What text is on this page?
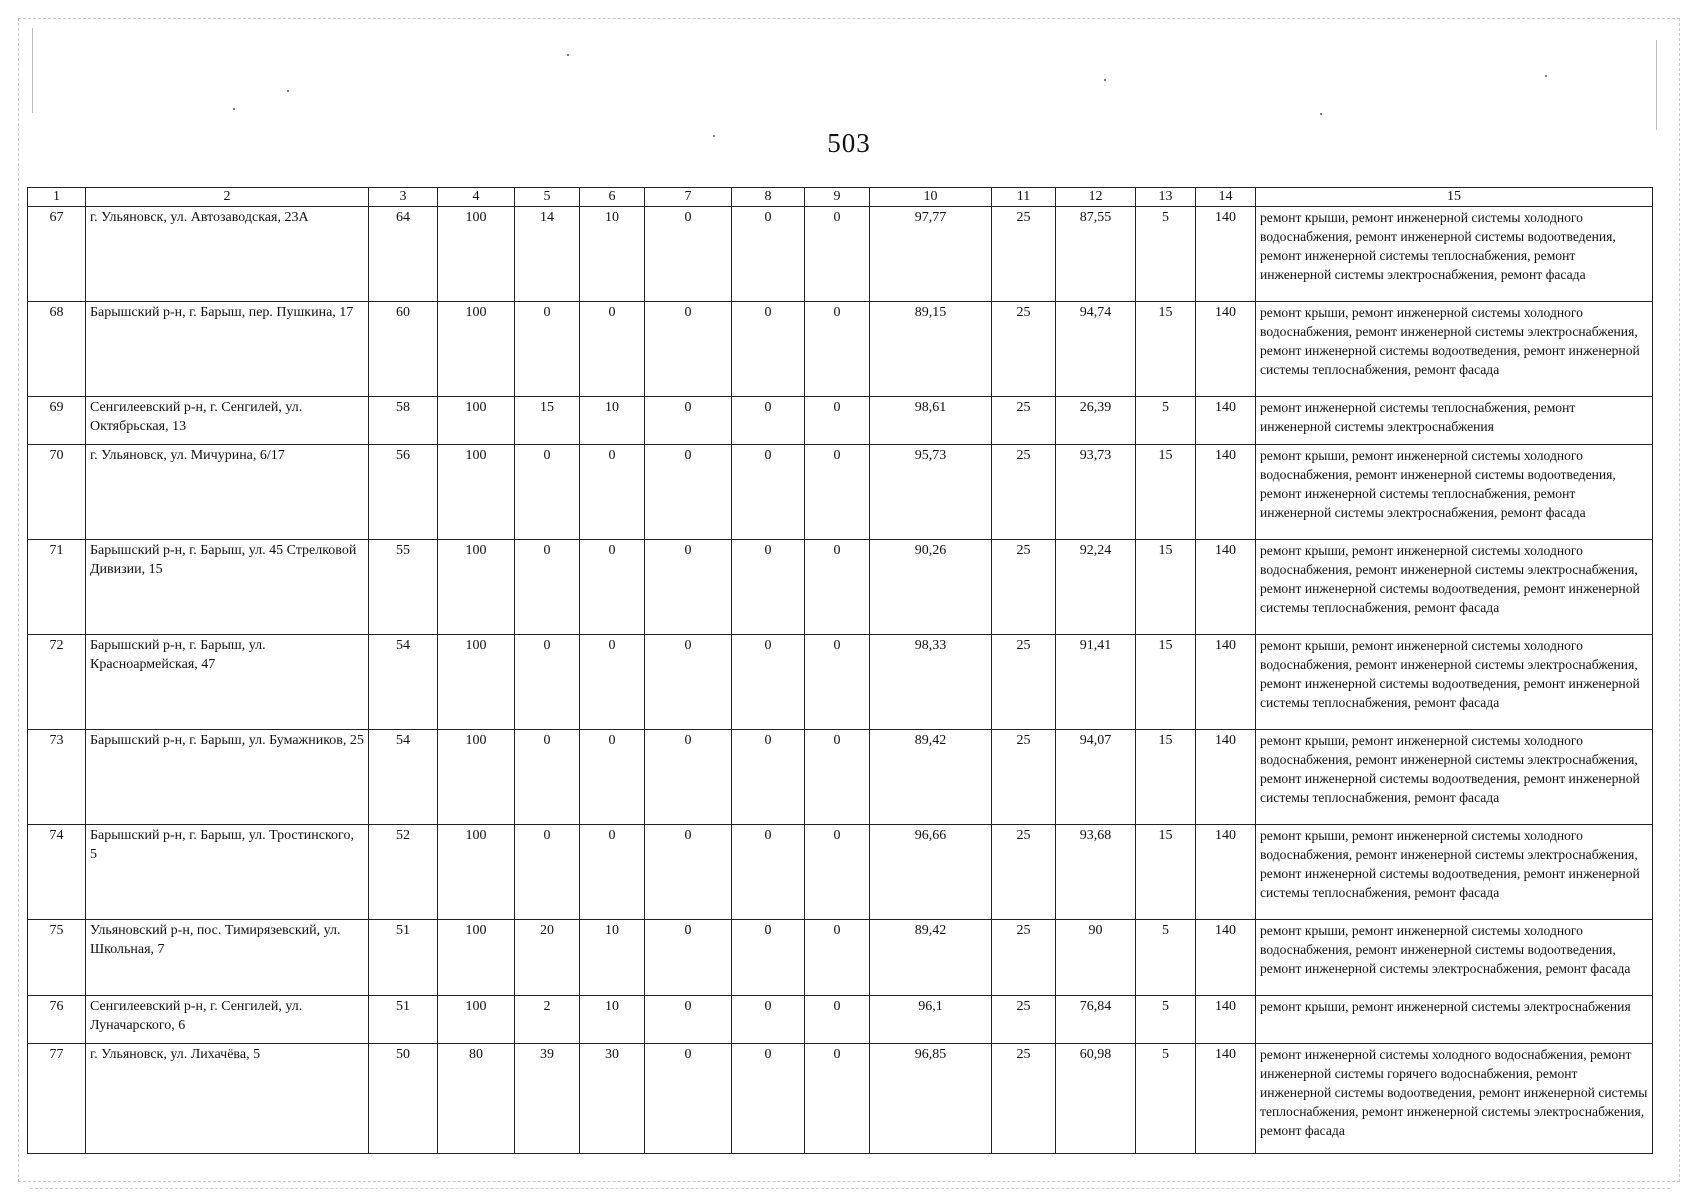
503
1	2	3	4	5	6	7	8	9	10	11	12	13	14	15
67	г. Ульяновск, ул. Автозаводская, 23А	64	100	14	10	0	0	0	97,77	25	87,55	5	140	ремонт крыши, ремонт инженерной системы холодного водоснабжения, ремонт инженерной системы водоотведения, ремонт инженерной системы теплоснабжения, ремонт инженерной системы электроснабжения, ремонт фасада
68	Барышский р-н, г. Барыш, пер. Пушкина, 17	60	100	0	0	0	0	0	89,15	25	94,74	15	140	ремонт крыши, ремонт инженерной системы холодного водоснабжения, ремонт инженерной системы электроснабжения, ремонт инженерной системы водоотведения, ремонт инженерной системы теплоснабжения, ремонт фасада
69	Сенгилеевский р-н, г. Сенгилей, ул. Октябрьская, 13	58	100	15	10	0	0	0	98,61	25	26,39	5	140	ремонт инженерной системы теплоснабжения, ремонт инженерной системы электроснабжения
70	г. Ульяновск, ул. Мичурина, 6/17	56	100	0	0	0	0	0	95,73	25	93,73	15	140	ремонт крыши, ремонт инженерной системы холодного водоснабжения, ремонт инженерной системы водоотведения, ремонт инженерной системы теплоснабжения, ремонт инженерной системы электроснабжения, ремонт фасада
71	Барышский р-н, г. Барыш, ул. 45 Стрелковой Дивизии, 15	55	100	0	0	0	0	0	90,26	25	92,24	15	140	ремонт крыши, ремонт инженерной системы холодного водоснабжения, ремонт инженерной системы электроснабжения, ремонт инженерной системы водоотведения, ремонт инженерной системы теплоснабжения, ремонт фасада
72	Барышский р-н, г. Барыш, ул. Красноармейская, 47	54	100	0	0	0	0	0	98,33	25	91,41	15	140	ремонт крыши, ремонт инженерной системы холодного водоснабжения, ремонт инженерной системы электроснабжения, ремонт инженерной системы водоотведения, ремонт инженерной системы теплоснабжения, ремонт фасада
73	Барышский р-н, г. Барыш, ул. Бумажников, 25	54	100	0	0	0	0	0	89,42	25	94,07	15	140	ремонт крыши, ремонт инженерной системы холодного водоснабжения, ремонт инженерной системы электроснабжения, ремонт инженерной системы водоотведения, ремонт инженерной системы теплоснабжения, ремонт фасада
74	Барышский р-н, г. Барыш, ул. Тростинского, 5	52	100	0	0	0	0	0	96,66	25	93,68	15	140	ремонт крыши, ремонт инженерной системы холодного водоснабжения, ремонт инженерной системы электроснабжения, ремонт инженерной системы водоотведения, ремонт инженерной системы теплоснабжения, ремонт фасада
75	Ульяновский р-н, пос. Тимирязевский, ул. Школьная, 7	51	100	20	10	0	0	0	89,42	25	90	5	140	ремонт крыши, ремонт инженерной системы холодного водоснабжения, ремонт инженерной системы водоотведения, ремонт инженерной системы электроснабжения, ремонт фасада
76	Сенгилеевский р-н, г. Сенгилей, ул. Луначарского, 6	51	100	2	10	0	0	0	96,1	25	76,84	5	140	ремонт крыши, ремонт инженерной системы электроснабжения
77	г. Ульяновск, ул. Лихачёва, 5	50	80	39	30	0	0	0	96,85	25	60,98	5	140	ремонт инженерной системы холодного водоснабжения, ремонт инженерной системы горячего водоснабжения, ремонт инженерной системы водоотведения, ремонт инженерной системы теплоснабжения, ремонт инженерной системы электроснабжения, ремонт фасада
